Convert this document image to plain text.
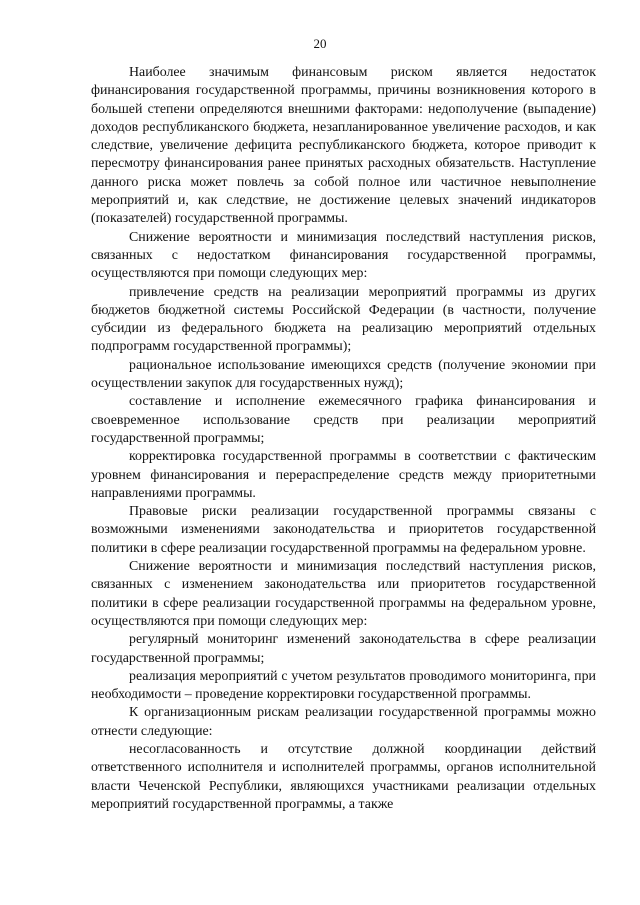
20

Наиболее значимым финансовым риском является недостаток финансирования государственной программы, причины возникновения которого в большей степени определяются внешними факторами: недополучение (выпадение) доходов республиканского бюджета, незапланированное увеличение расходов, и как следствие, увеличение дефицита республиканского бюджета, которое приводит к пересмотру финансирования ранее принятых расходных обязательств. Наступление данного риска может повлечь за собой полное или частичное невыполнение мероприятий и, как следствие, не достижение целевых значений индикаторов (показателей) государственной программы.

Снижение вероятности и минимизация последствий наступления рисков, связанных с недостатком финансирования государственной программы, осуществляются при помощи следующих мер:

привлечение средств на реализации мероприятий программы из других бюджетов бюджетной системы Российской Федерации (в частности, получение субсидии из федерального бюджета на реализацию мероприятий отдельных подпрограмм государственной программы);

рациональное использование имеющихся средств (получение экономии при осуществлении закупок для государственных нужд);

составление и исполнение ежемесячного графика финансирования и своевременное использование средств при реализации мероприятий государственной программы;

корректировка государственной программы в соответствии с фактическим уровнем финансирования и перераспределение средств между приоритетными направлениями программы.

Правовые риски реализации государственной программы связаны с возможными изменениями законодательства и приоритетов государственной политики в сфере реализации государственной программы на федеральном уровне.

Снижение вероятности и минимизация последствий наступления рисков, связанных с изменением законодательства или приоритетов государственной политики в сфере реализации государственной программы на федеральном уровне, осуществляются при помощи следующих мер:

регулярный мониторинг изменений законодательства в сфере реализации государственной программы;

реализация мероприятий с учетом результатов проводимого мониторинга, при необходимости – проведение корректировки государственной программы.

К организационным рискам реализации государственной программы можно отнести следующие:

несогласованность и отсутствие должной координации действий ответственного исполнителя и исполнителей программы, органов исполнительной власти Чеченской Республики, являющихся участниками реализации отдельных мероприятий государственной программы, а также
